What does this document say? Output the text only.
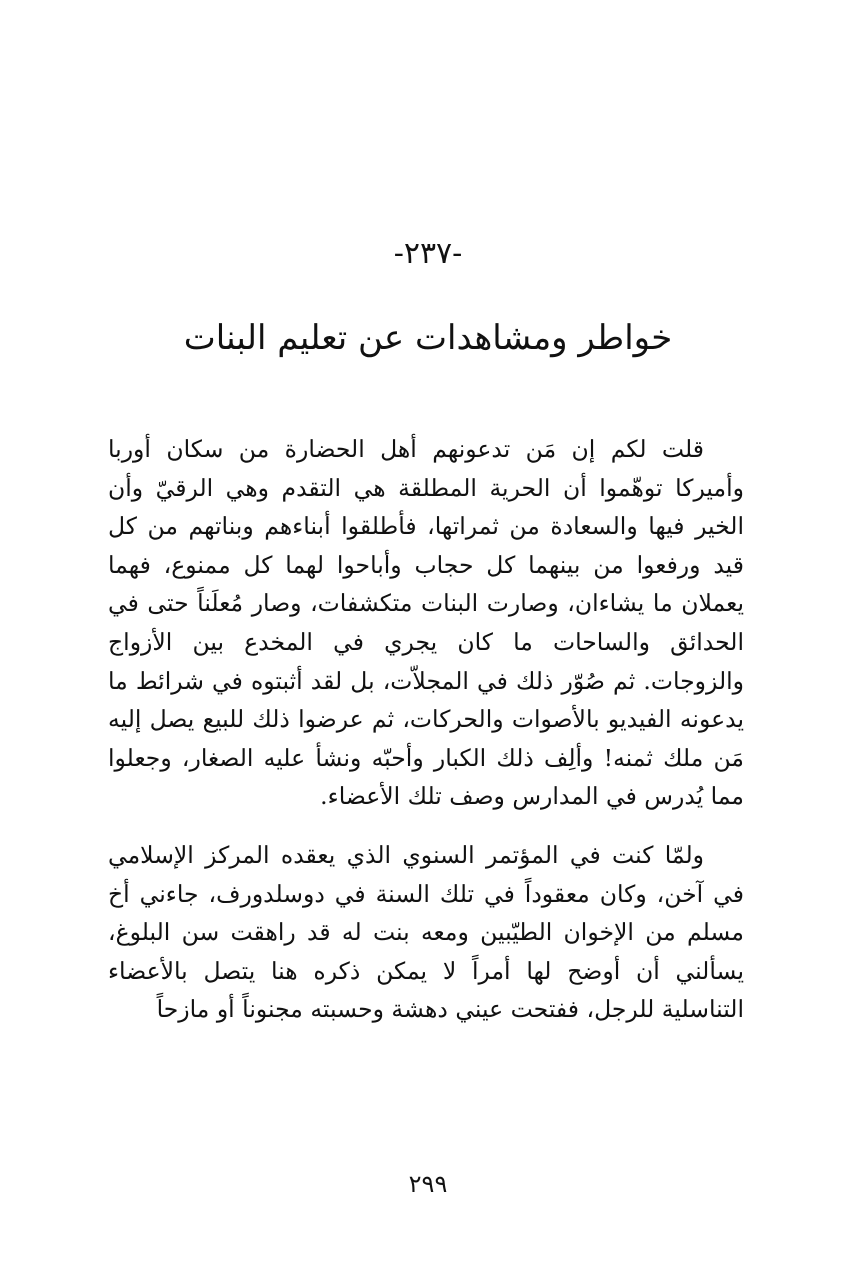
-٢٣٧-
خواطر ومشاهدات عن تعليم البنات

قلت لكم إن مَن تدعونهم أهل الحضارة من سكان أوربا وأميركا توهّموا أن الحرية المطلقة هي التقدم وهي الرقيّ وأن الخير فيها والسعادة من ثمراتها، فأطلقوا أبناءهم وبناتهم من كل قيد ورفعوا من بينهما كل حجاب وأباحوا لهما كل ممنوع، فهما يعملان ما يشاءان، وصارت البنات متكشفات، وصار مُعلَناً حتى في الحدائق والساحات ما كان يجري في المخدع بين الأزواج والزوجات. ثم صُوّر ذلك في المجلاّت، بل لقد أثبتوه في شرائط ما يدعونه الفيديو بالأصوات والحركات، ثم عرضوا ذلك للبيع يصل إليه مَن ملك ثمنه! وألِف ذلك الكبار وأحبّه ونشأ عليه الصغار، وجعلوا مما يُدرس في المدارس وصف تلك الأعضاء.

ولمّا كنت في المؤتمر السنوي الذي يعقده المركز الإسلامي في آخن، وكان معقوداً في تلك السنة في دوسلدورف، جاءني أخ مسلم من الإخوان الطيّبين ومعه بنت له قد راهقت سن البلوغ، يسألني أن أوضح لها أمراً لا يمكن ذكره هنا يتصل بالأعضاء التناسلية للرجل، ففتحت عيني دهشة وحسبته مجنوناً أو مازحاً

٢٩٩
